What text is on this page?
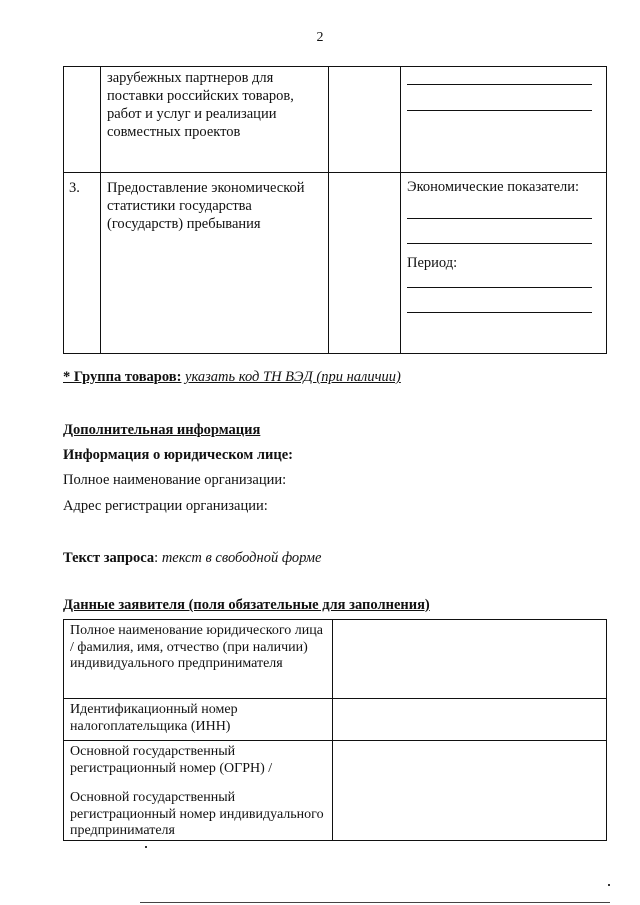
2

	зарубежных партнеров для поставки российских товаров, работ и услуг и реализации совместных проектов		

3.	Предоставление экономической статистики государства (государств) пребывания		Экономические показатели:
Период:
* Группа товаров: указать код ТН ВЭД (при наличии)
Дополнительная информация
Информация о юридическом лице:
Полное наименование организации:
Адрес регистрации организации:
Текст запроса: текст в свободной форме
Данные заявителя (поля обязательные для заполнения)
Полное наименование юридического лица / фамилия, имя, отчество (при наличии) индивидуального предпринимателя	
Идентификационный номер налогоплательщика (ИНН)	
Основной государственный регистрационный номер (ОГРН) /
Основной государственный регистрационный номер индивидуального предпринимателя	
